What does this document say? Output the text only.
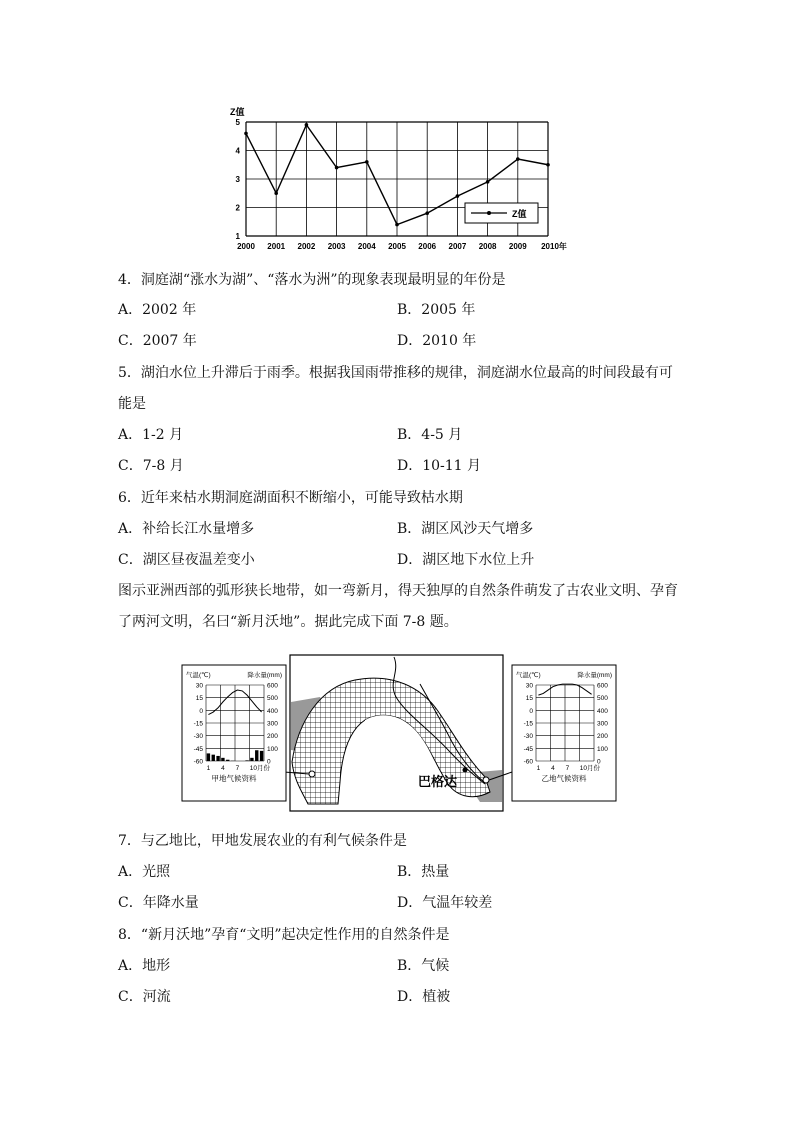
Z值
1
2
3
4
5
2000 2001 2002 2003 2004 2005 2006 2007 2008 2009 2010年
Z值
4．洞庭湖“涨水为湖”、“落水为洲”的现象表现最明显的年份是
A．2002 年	B．2005 年
C．2007 年	D．2010 年
5．湖泊水位上升滞后于雨季。根据我国雨带推移的规律，洞庭湖水位最高的时间段最有可
能是
A．1-2 月	B．4-5 月
C．7-8 月	D．10-11 月
6．近年来枯水期洞庭湖面积不断缩小，可能导致枯水期
A．补给长江水量增多	B．湖区风沙天气增多
C．湖区昼夜温差变小	D．湖区地下水位上升
图示亚洲西部的弧形狭长地带，如一弯新月，得天独厚的自然条件萌发了古农业文明、孕育
了两河文明，名曰“新月沃地”。据此完成下面 7-8 题。
巴格达
气温(℃)	降水量(mm)
30	600
15	500
0	400
-15	300
-30	200
-45	100
-60	0
1 4 7 10月份
甲地气候资料
气温(℃)	降水量(mm)
30	600
15	500
0	400
-15	300
-30	200
-45	100
-60	0
1 4 7 10月份
乙地气候资料
7．与乙地比，甲地发展农业的有利气候条件是
A．光照	B．热量
C．年降水量	D．气温年较差
8．“新月沃地”孕育“文明”起决定性作用的自然条件是
A．地形	B．气候
C．河流	D．植被
